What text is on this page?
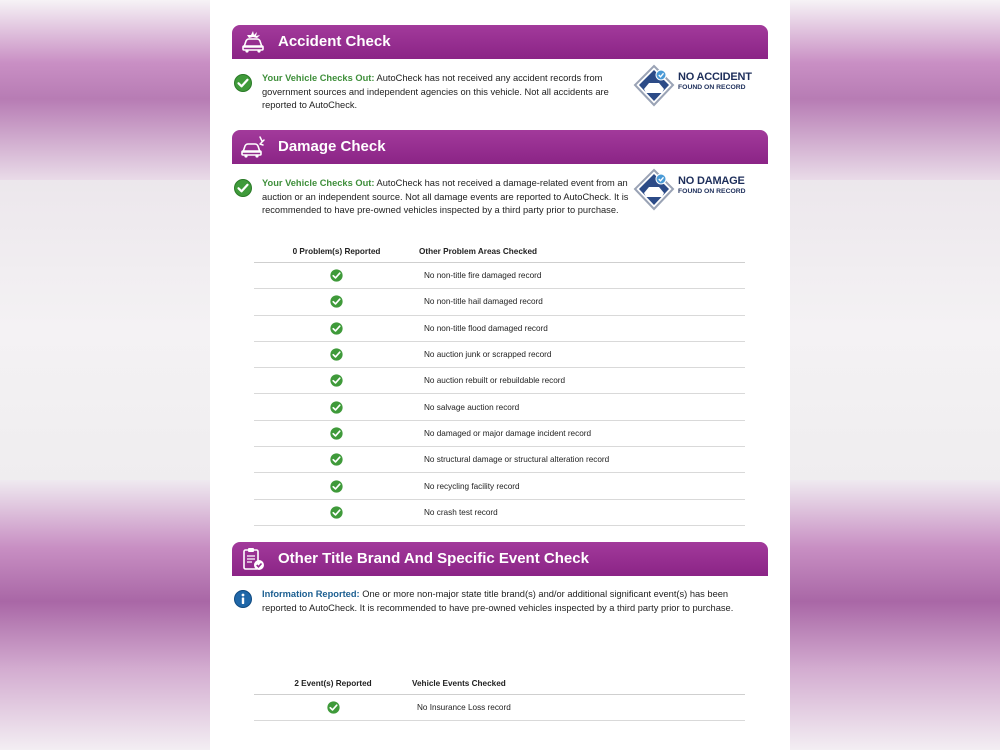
Accident Check
Your Vehicle Checks Out: AutoCheck has not received any accident records from government sources and independent agencies on this vehicle. Not all accidents are reported to AutoCheck.
NO ACCIDENT
FOUND ON RECORD
Damage Check
Your Vehicle Checks Out: AutoCheck has not received a damage-related event from an auction or an independent source. Not all damage events are reported to AutoCheck. It is recommended to have pre-owned vehicles inspected by a third party prior to purchase.
NO DAMAGE
FOUND ON RECORD
0 Problem(s) Reported	Other Problem Areas Checked
	No non-title fire damaged record
	No non-title hail damaged record
	No non-title flood damaged record
	No auction junk or scrapped record
	No auction rebuilt or rebuildable record
	No salvage auction record
	No damaged or major damage incident record
	No structural damage or structural alteration record
	No recycling facility record
	No crash test record
Other Title Brand And Specific Event Check
Information Reported: One or more non-major state title brand(s) and/or additional significant event(s) has been reported to AutoCheck. It is recommended to have pre-owned vehicles inspected by a third party prior to purchase.
2 Event(s) Reported	Vehicle Events Checked
	No Insurance Loss record
